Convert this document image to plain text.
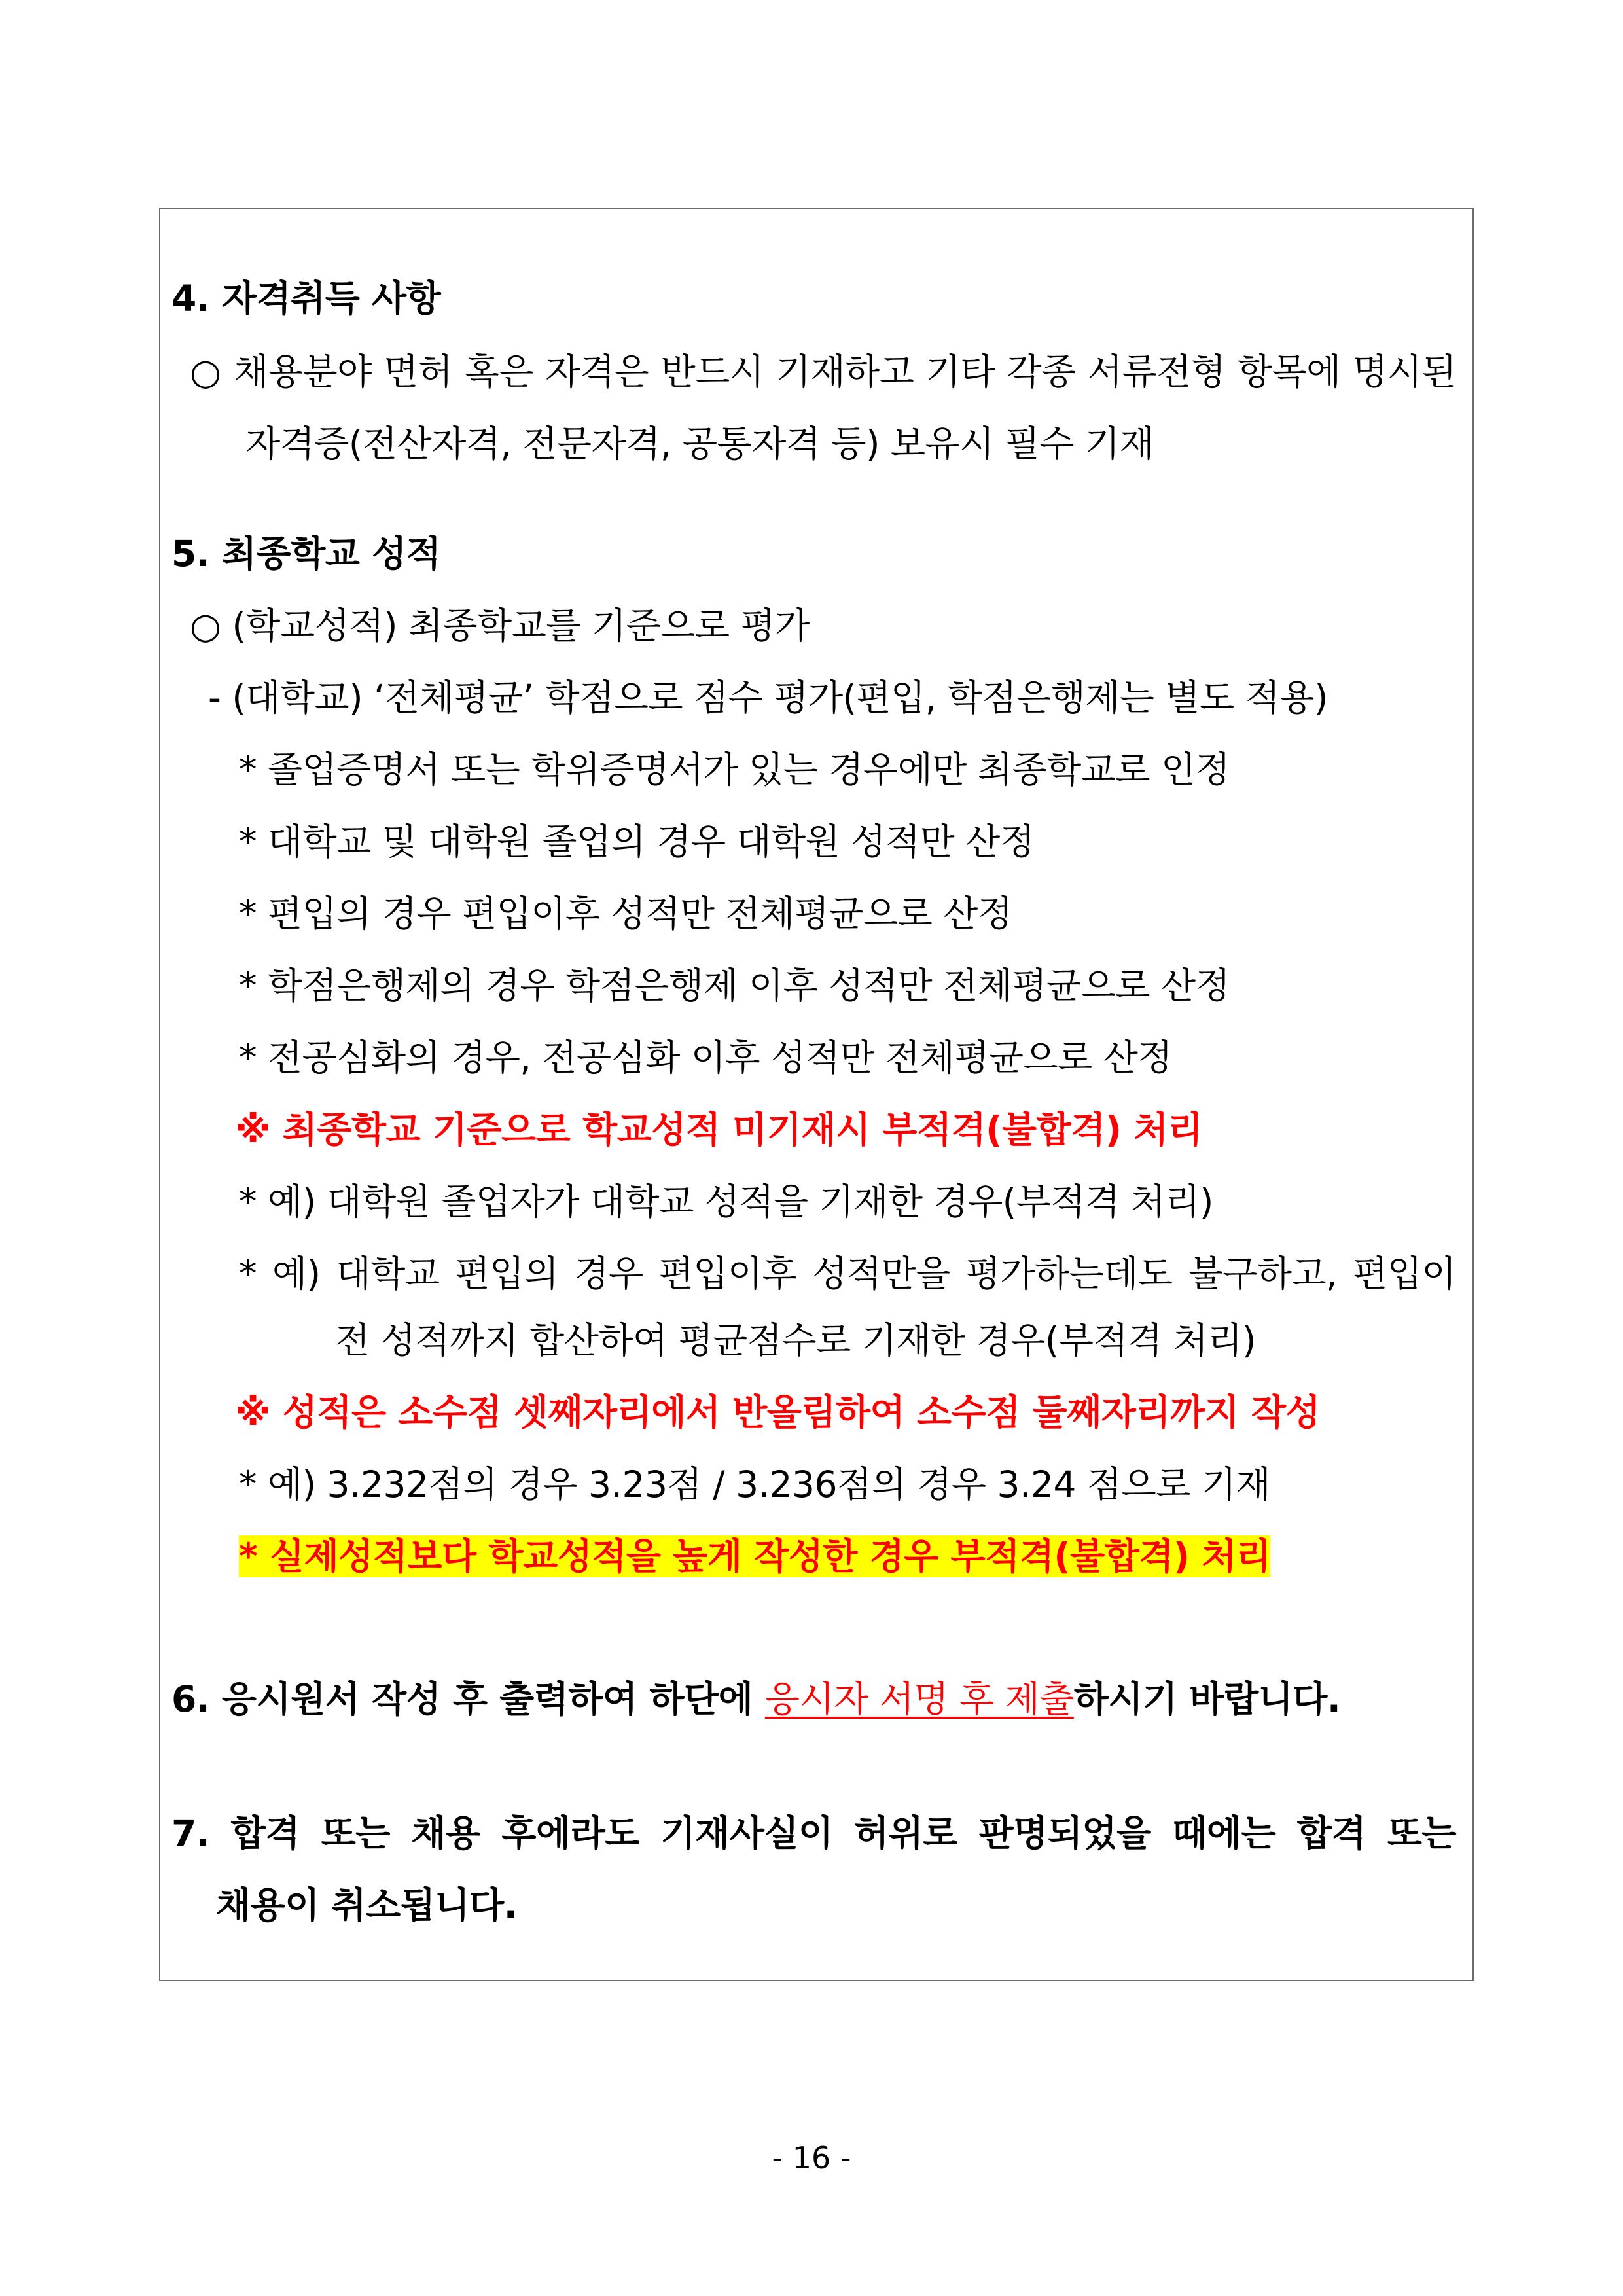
4. 자격취득 사항
○ 채용분야 면허 혹은 자격은 반드시 기재하고 기타 각종 서류전형 항목에 명시된
자격증(전산자격, 전문자격, 공통자격 등) 보유시 필수 기재
5. 최종학교 성적
○ (학교성적) 최종학교를 기준으로 평가
- (대학교) ‘전체평균’ 학점으로 점수 평가(편입, 학점은행제는 별도 적용)
* 졸업증명서 또는 학위증명서가 있는 경우에만 최종학교로 인정
* 대학교 및 대학원 졸업의 경우 대학원 성적만 산정
* 편입의 경우 편입이후 성적만 전체평균으로 산정
* 학점은행제의 경우 학점은행제 이후 성적만 전체평균으로 산정
* 전공심화의 경우, 전공심화 이후 성적만 전체평균으로 산정
※ 최종학교 기준으로 학교성적 미기재시 부적격(불합격) 처리
* 예) 대학원 졸업자가 대학교 성적을 기재한 경우(부적격 처리)
* 예) 대학교 편입의 경우 편입이후 성적만을 평가하는데도 불구하고, 편입이
전 성적까지 합산하여 평균점수로 기재한 경우(부적격 처리)
※ 성적은 소수점 셋째자리에서 반올림하여 소수점 둘째자리까지 작성
* 예) 3.232점의 경우 3.23점 / 3.236점의 경우 3.24 점으로 기재
* 실제성적보다 학교성적을 높게 작성한 경우 부적격(불합격) 처리
6. 응시원서 작성 후 출력하여 하단에 응시자 서명 후 제출하시기 바랍니다.
7. 합격 또는 채용 후에라도 기재사실이 허위로 판명되었을 때에는 합격 또는
채용이 취소됩니다.
- 16 -
